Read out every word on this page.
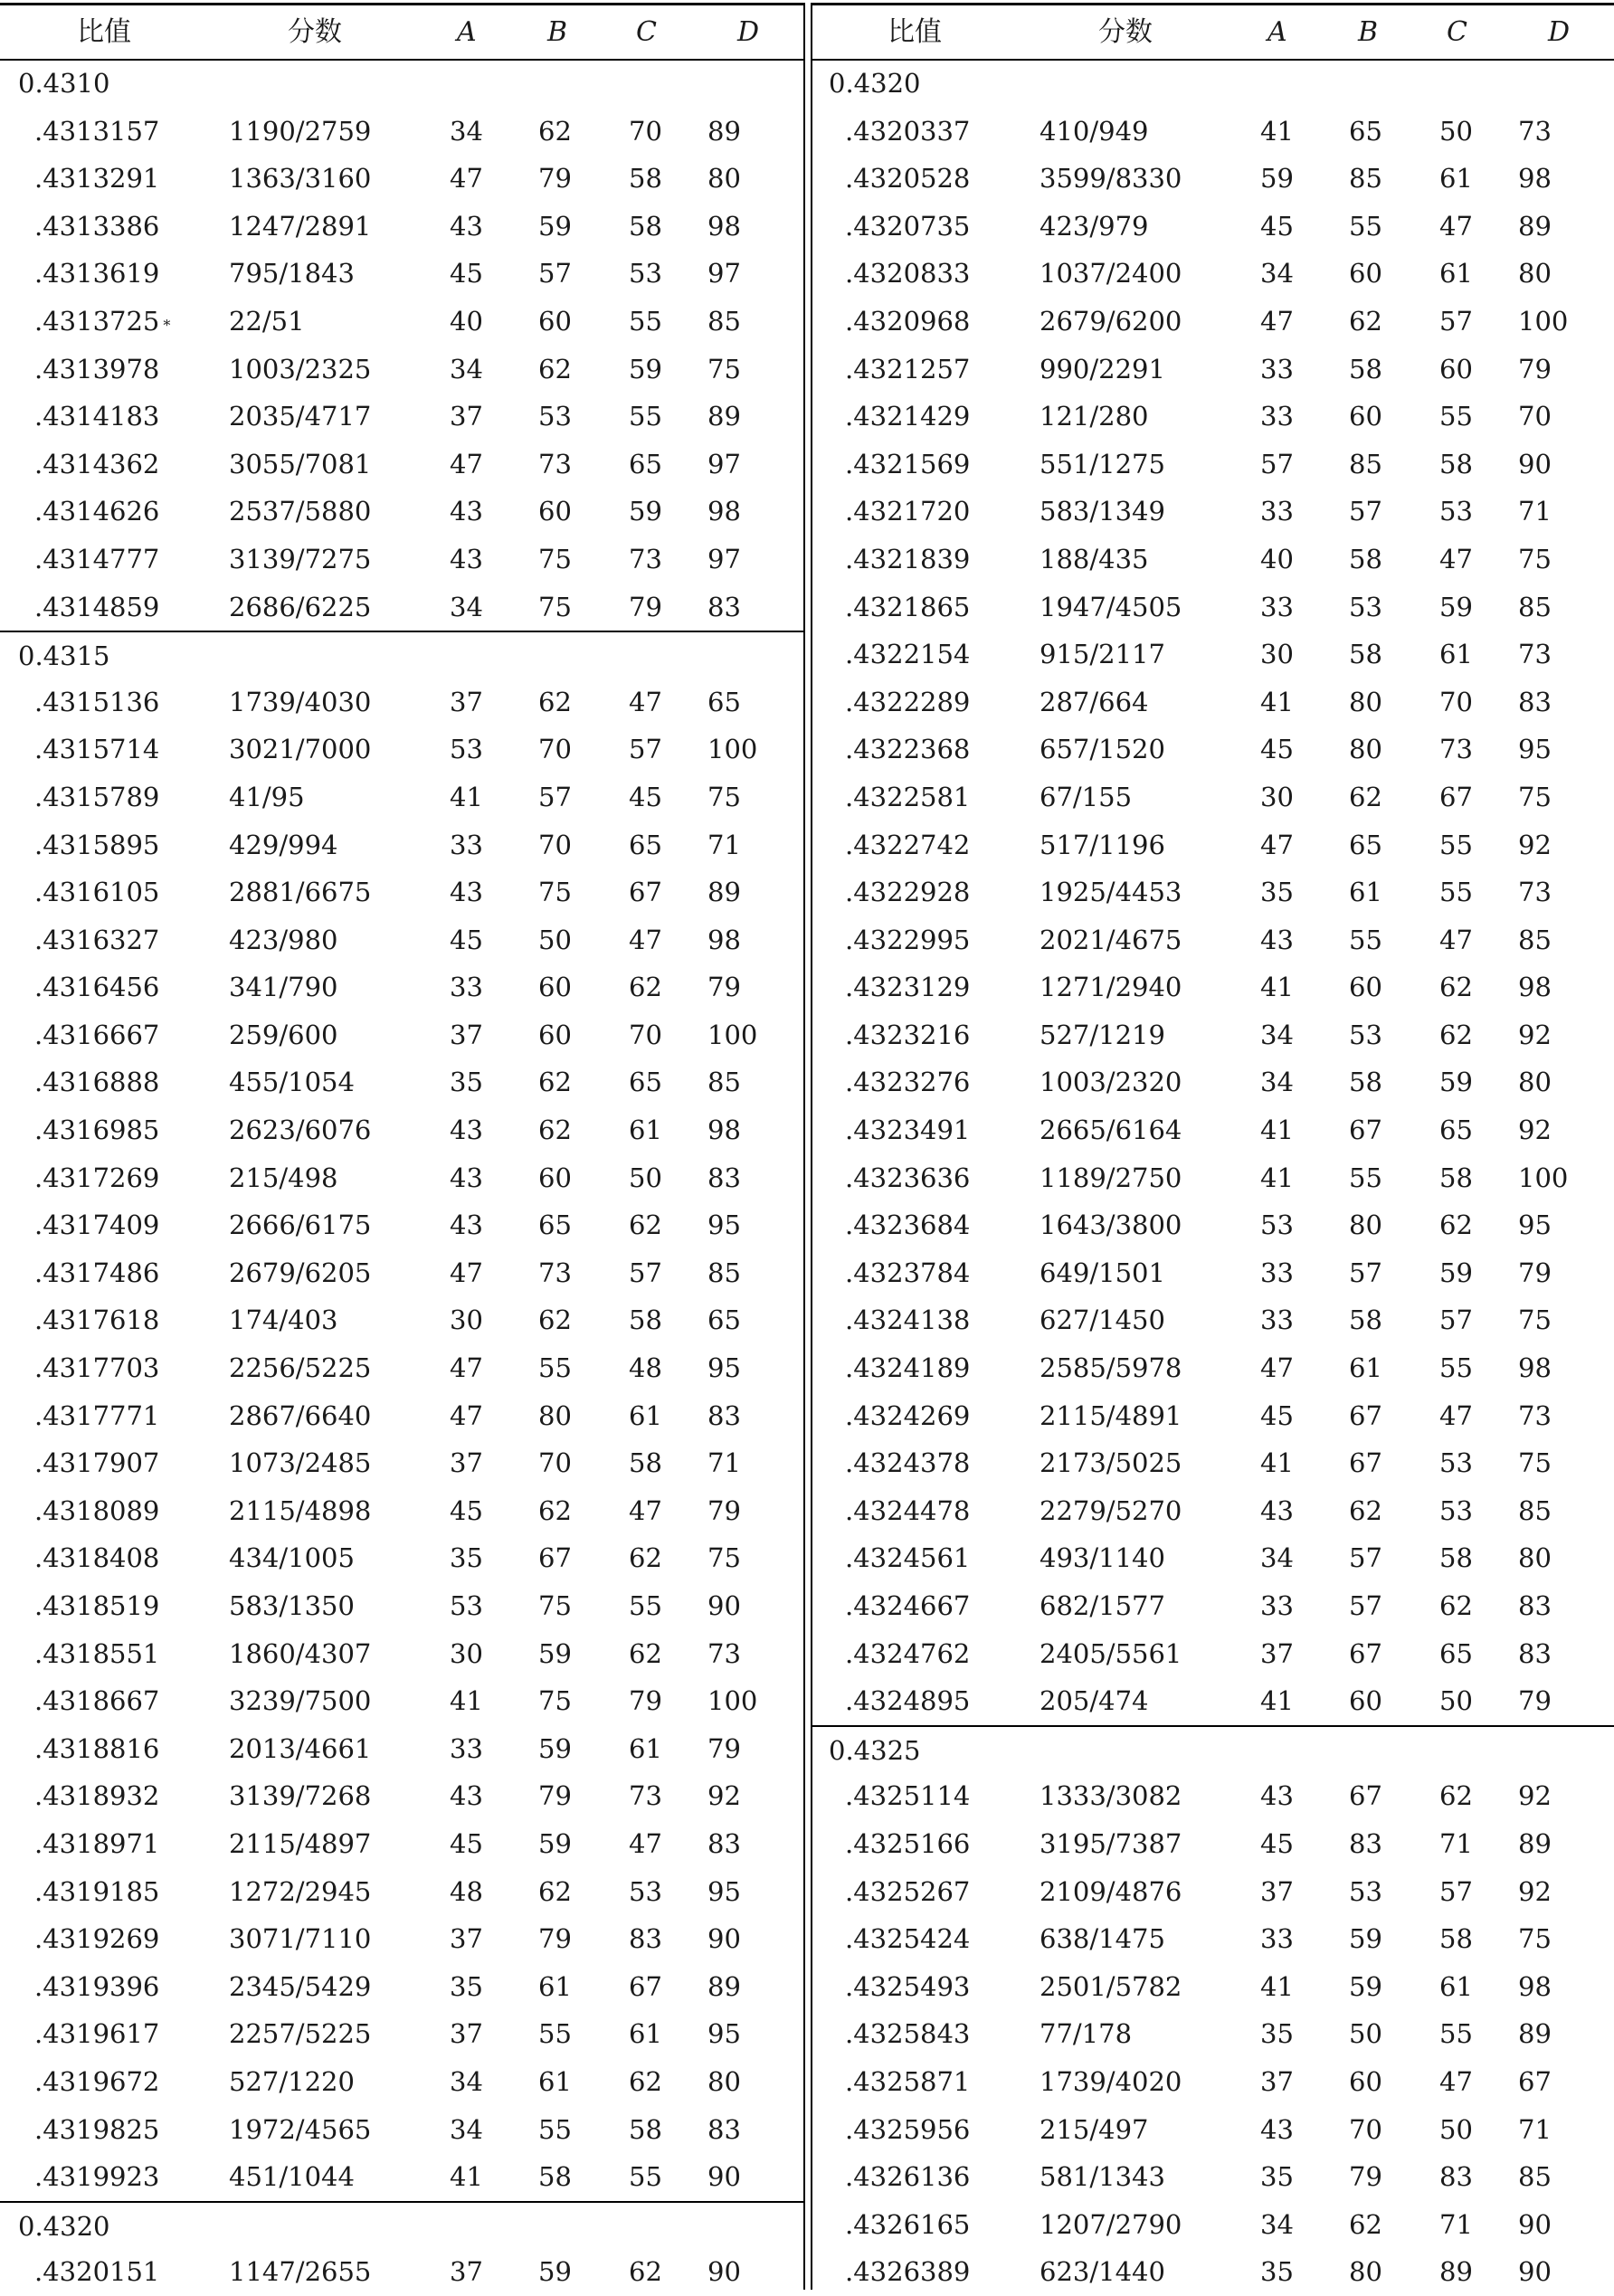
比值	分数	A	B	C	D
0.4310
.4313157	1190/2759	34 62 70 89
.4313291	1363/3160	47 79 58 80
.4313386	1247/2891	43 59 58 98
.4313619	795/1843	45 57 53 97
.4313725 * 22/51	40 60 55 85
.4313978	1003/2325	34 62 59 75
.4314183	2035/4717	37 53 55 89
.4314362	3055/7081	47 73 65 97
.4314626	2537/5880	43 60 59 98
.4314777	3139/7275	43 75 73 97
.4314859	2686/6225	34 75 79 83
0.4315
.4315136	1739/4030	37 62 47 65
.4315714	3021/7000	53 70 57 100
.4315789	41/95	41 57 45 75
.4315895	429/994	33 70 65 71
.4316105	2881/6675	43 75 67 89
.4316327	423/980	45 50 47 98
.4316456	341/790	33 60 62 79
.4316667	259/600	37 60 70 100
.4316888	455/1054	35 62 65 85
.4316985	2623/6076	43 62 61 98
.4317269	215/498	43 60 50 83
.4317409	2666/6175	43 65 62 95
.4317486	2679/6205	47 73 57 85
.4317618	174/403	30 62 58 65
.4317703	2256/5225	47 55 48 95
.4317771	2867/6640	47 80 61 83
.4317907	1073/2485	37 70 58 71
.4318089	2115/4898	45 62 47 79
.4318408	434/1005	35 67 62 75
.4318519	583/1350	53 75 55 90
.4318551	1860/4307	30 59 62 73
.4318667	3239/7500	41 75 79 100
.4318816	2013/4661	33 59 61 79
.4318932	3139/7268	43 79 73 92
.4318971	2115/4897	45 59 47 83
.4319185	1272/2945	48 62 53 95
.4319269	3071/7110	37 79 83 90
.4319396	2345/5429	35 61 67 89
.4319617	2257/5225	37 55 61 95
.4319672	527/1220	34 61 62 80
.4319825	1972/4565	34 55 58 83
.4319923	451/1044	41 58 55 90
0.4320
.4320151	1147/2655	37 59 62 90
比值	分数	A	B	C	D
0.4320
.4320337	410/949	41 65 50 73
.4320528	3599/8330	59 85 61 98
.4320735	423/979	45 55 47 89
.4320833	1037/2400	34 60 61 80
.4320968	2679/6200	47 62 57 100
.4321257	990/2291	33 58 60 79
.4321429	121/280	33 60 55 70
.4321569	551/1275	57 85 58 90
.4321720	583/1349	33 57 53 71
.4321839	188/435	40 58 47 75
.4321865	1947/4505	33 53 59 85
.4322154	915/2117	30 58 61 73
.4322289	287/664	41 80 70 83
.4322368	657/1520	45 80 73 95
.4322581	67/155	30 62 67 75
.4322742	517/1196	47 65 55 92
.4322928	1925/4453	35 61 55 73
.4322995	2021/4675	43 55 47 85
.4323129	1271/2940	41 60 62 98
.4323216	527/1219	34 53 62 92
.4323276	1003/2320	34 58 59 80
.4323491	2665/6164	41 67 65 92
.4323636	1189/2750	41 55 58 100
.4323684	1643/3800	53 80 62 95
.4323784	649/1501	33 57 59 79
.4324138	627/1450	33 58 57 75
.4324189	2585/5978	47 61 55 98
.4324269	2115/4891	45 67 47 73
.4324378	2173/5025	41 67 53 75
.4324478	2279/5270	43 62 53 85
.4324561	493/1140	34 57 58 80
.4324667	682/1577	33 57 62 83
.4324762	2405/5561	37 67 65 83
.4324895	205/474	41 60 50 79
0.4325
.4325114	1333/3082	43 67 62 92
.4325166	3195/7387	45 83 71 89
.4325267	2109/4876	37 53 57 92
.4325424	638/1475	33 59 58 75
.4325493	2501/5782	41 59 61 98
.4325843	77/178	35 50 55 89
.4325871	1739/4020	37 60 47 67
.4325956	215/497	43 70 50 71
.4326136	581/1343	35 79 83 85
.4326165	1207/2790	34 62 71 90
.4326389	623/1440	35 80 89 90
